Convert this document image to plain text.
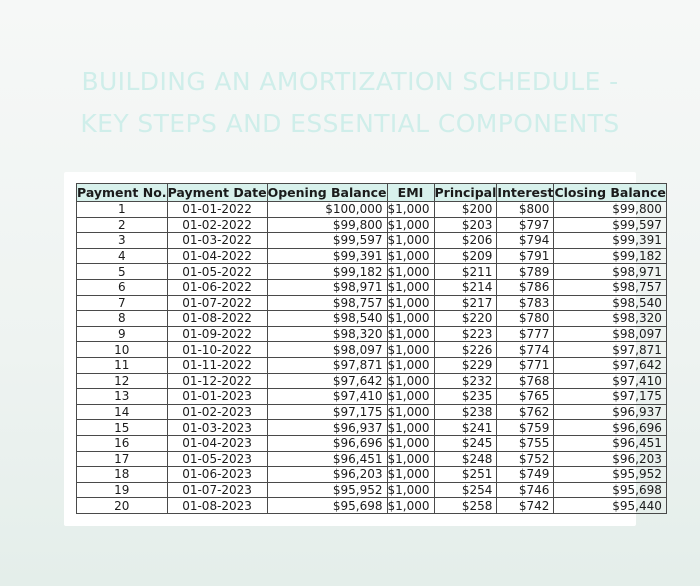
BUILDING AN AMORTIZATION SCHEDULE -
KEY STEPS AND ESSENTIAL COMPONENTS
Payment No.	Payment Date	Opening Balance	EMI	Principal	Interest	Closing Balance
1	01-01-2022	$100,000	$1,000	$200	$800	$99,800
2	01-02-2022	$99,800	$1,000	$203	$797	$99,597
3	01-03-2022	$99,597	$1,000	$206	$794	$99,391
4	01-04-2022	$99,391	$1,000	$209	$791	$99,182
5	01-05-2022	$99,182	$1,000	$211	$789	$98,971
6	01-06-2022	$98,971	$1,000	$214	$786	$98,757
7	01-07-2022	$98,757	$1,000	$217	$783	$98,540
8	01-08-2022	$98,540	$1,000	$220	$780	$98,320
9	01-09-2022	$98,320	$1,000	$223	$777	$98,097
10	01-10-2022	$98,097	$1,000	$226	$774	$97,871
11	01-11-2022	$97,871	$1,000	$229	$771	$97,642
12	01-12-2022	$97,642	$1,000	$232	$768	$97,410
13	01-01-2023	$97,410	$1,000	$235	$765	$97,175
14	01-02-2023	$97,175	$1,000	$238	$762	$96,937
15	01-03-2023	$96,937	$1,000	$241	$759	$96,696
16	01-04-2023	$96,696	$1,000	$245	$755	$96,451
17	01-05-2023	$96,451	$1,000	$248	$752	$96,203
18	01-06-2023	$96,203	$1,000	$251	$749	$95,952
19	01-07-2023	$95,952	$1,000	$254	$746	$95,698
20	01-08-2023	$95,698	$1,000	$258	$742	$95,440
